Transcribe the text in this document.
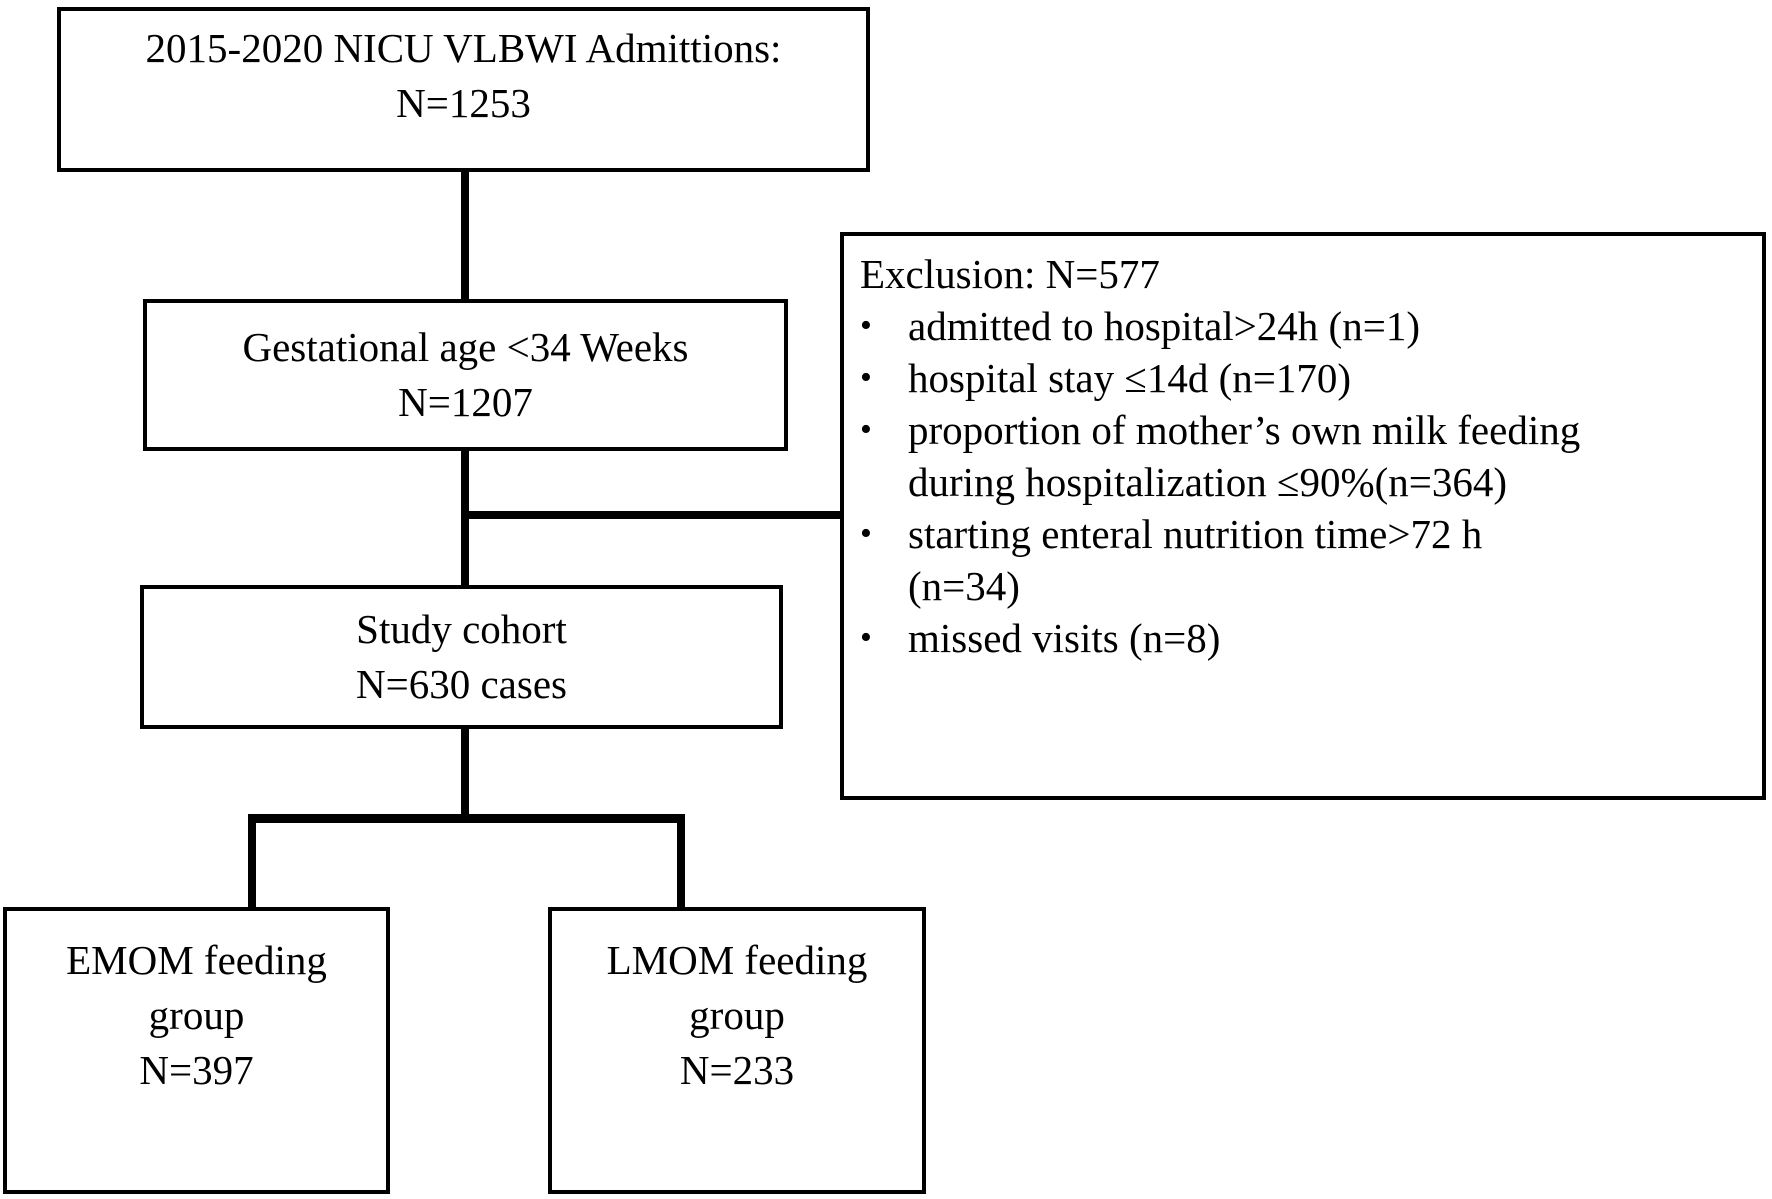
2015-2020 NICU VLBWI Admittions:
N=1253
Gestational age <34 Weeks
N=1207
Exclusion: N=577
• admitted to hospital>24h (n=1)
• hospital stay ≤14d (n=170)
• proportion of mother’s own milk feeding
during hospitalization ≤90%(n=364)
• starting enteral nutrition time>72 h
(n=34)
• missed visits (n=8)
Study cohort
N=630 cases
EMOM feeding
group
N=397
LMOM feeding
group
N=233
